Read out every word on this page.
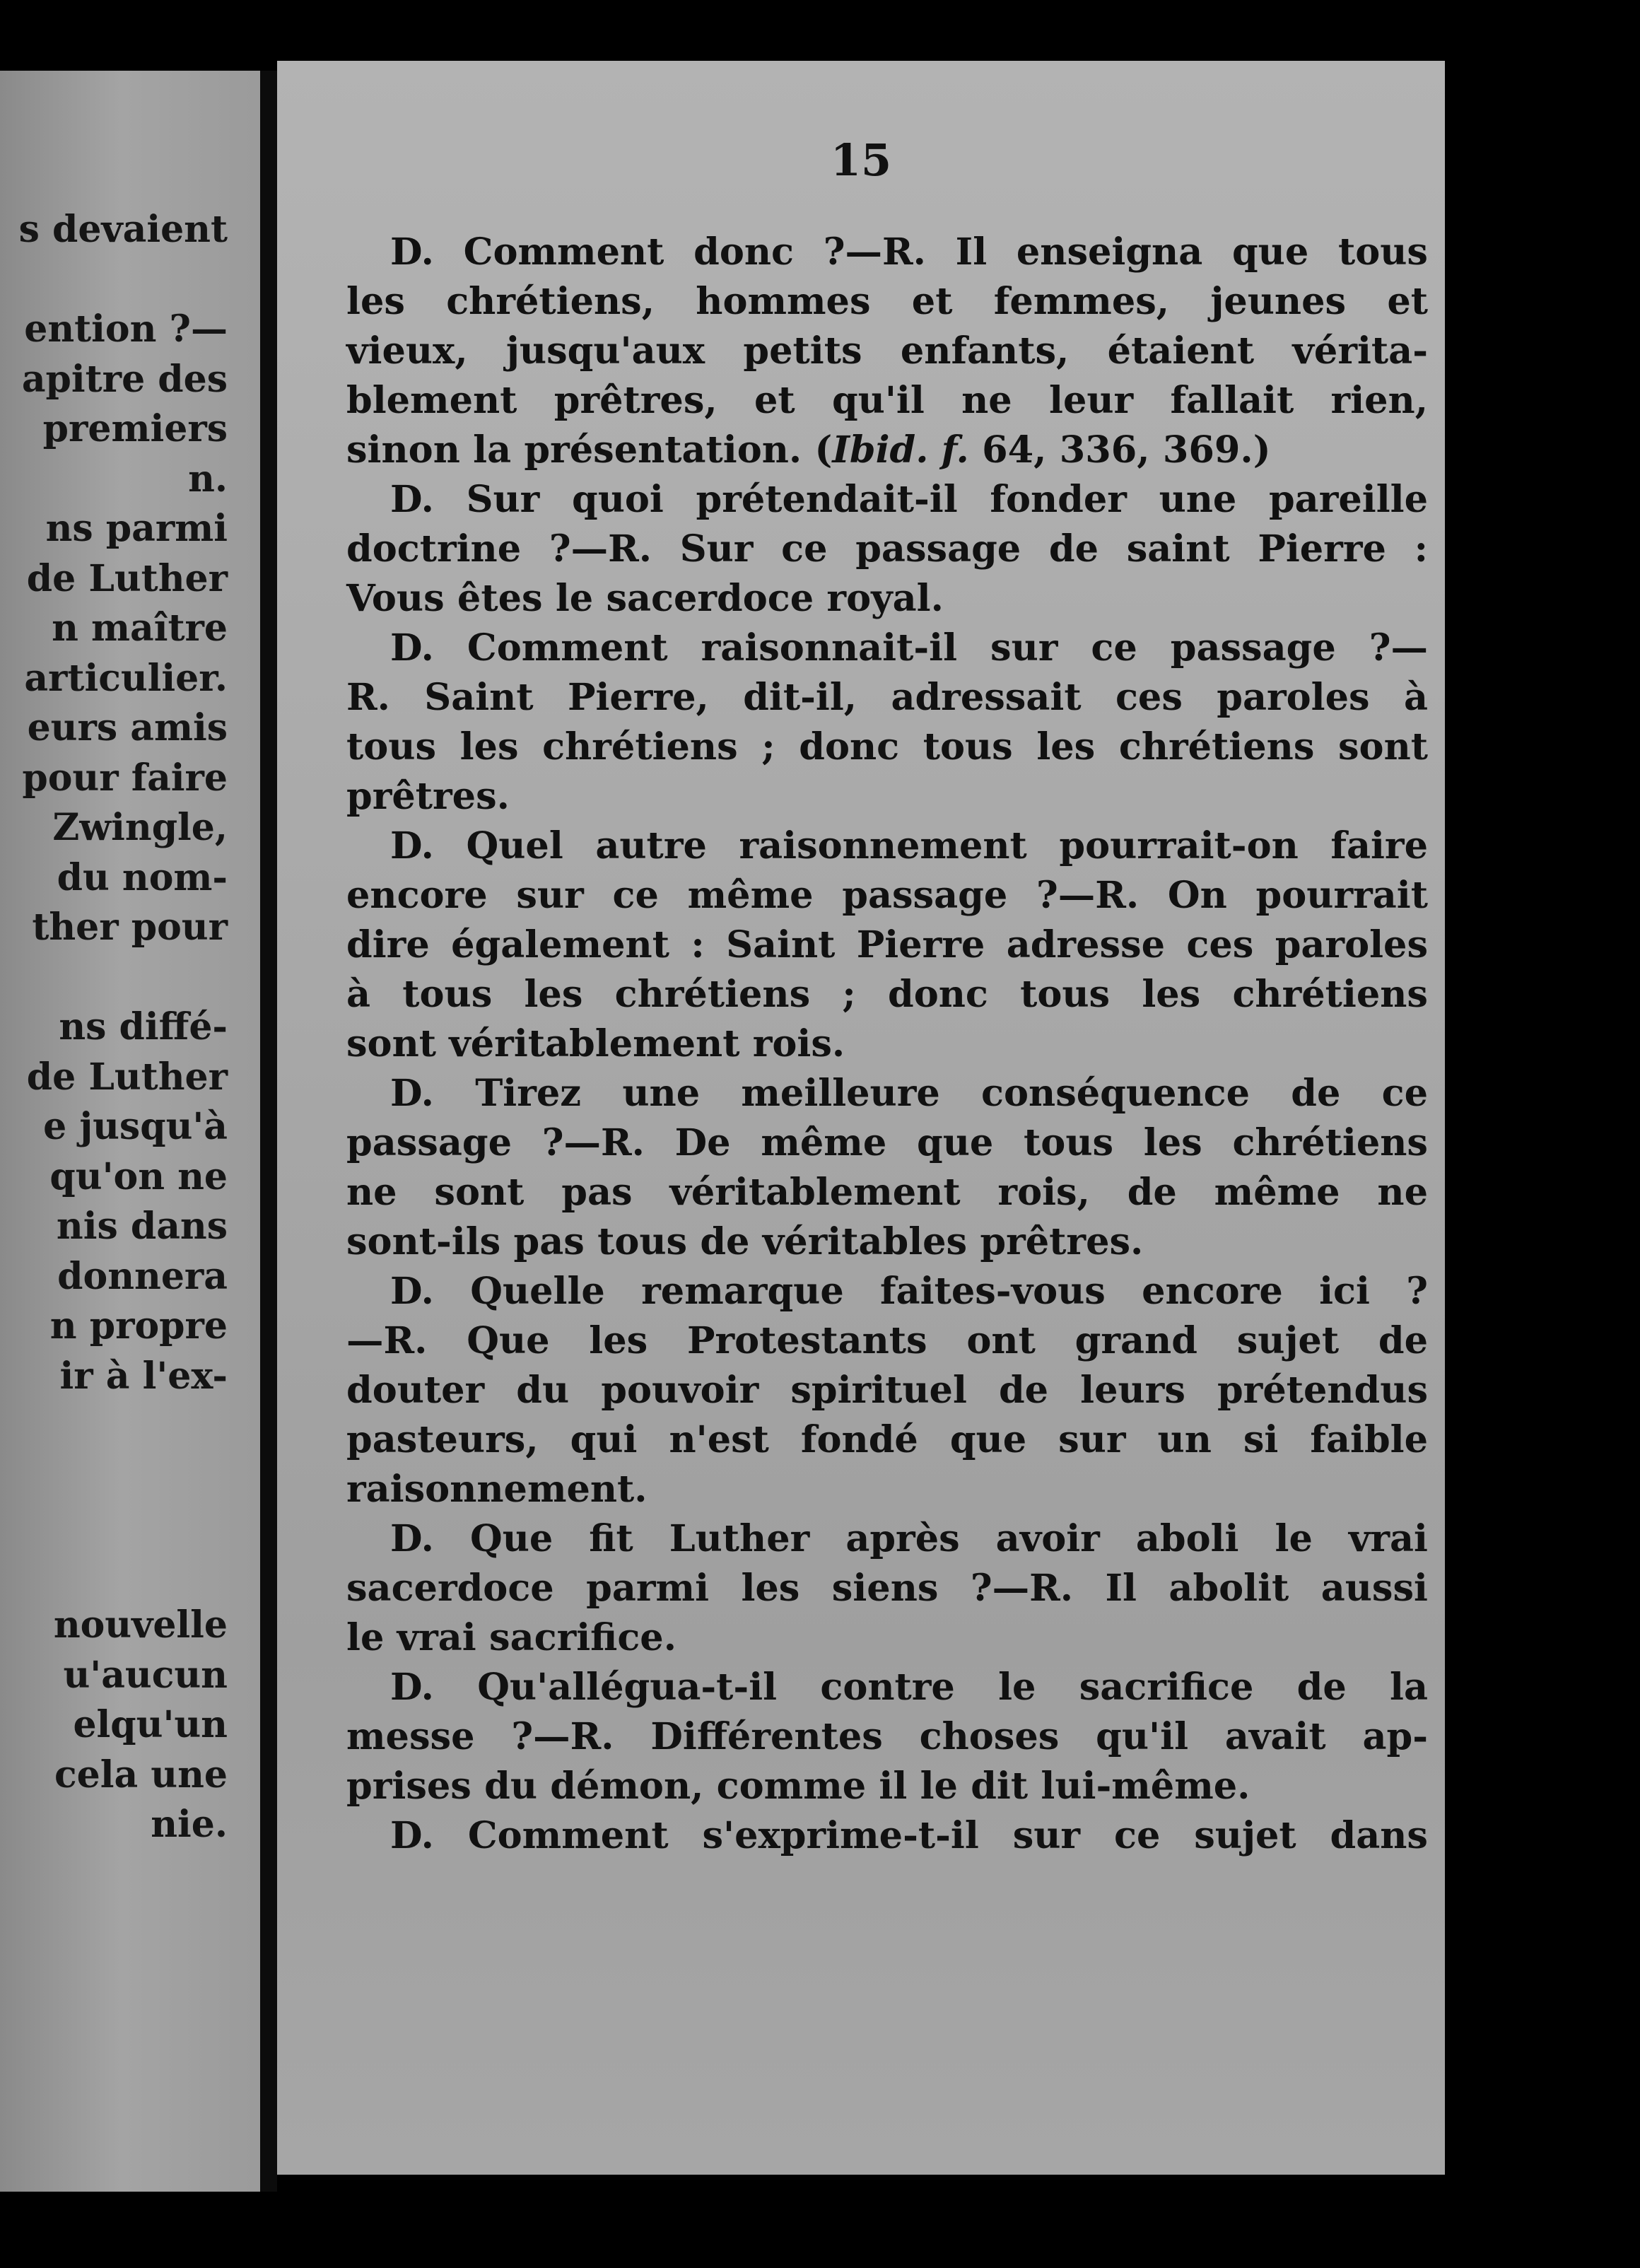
s devaient
ention ?—
apitre des
premiers
n.
ns parmi
de Luther
n maître
articulier.
eurs amis
pour faire
Zwingle,
du nom-
ther pour
ns diffé-
de Luther
e jusqu'à
qu'on ne
nis dans
donnera
n propre
ir à l'ex-
nouvelle
u'aucun
elqu'un
cela une
nie.
15
D. Comment donc ?—R. Il enseigna que tous
les chrétiens, hommes et femmes, jeunes et
vieux, jusqu'aux petits enfants, étaient vérita-
blement prêtres, et qu'il ne leur fallait rien,
sinon la présentation. (Ibid. f. 64, 336, 369.)
D. Sur quoi prétendait-il fonder une pareille
doctrine ?—R. Sur ce passage de saint Pierre :
Vous êtes le sacerdoce royal.
D. Comment raisonnait-il sur ce passage ?—
R. Saint Pierre, dit-il, adressait ces paroles à
tous les chrétiens ; donc tous les chrétiens sont
prêtres.
D. Quel autre raisonnement pourrait-on faire
encore sur ce même passage ?—R. On pourrait
dire également : Saint Pierre adresse ces paroles
à tous les chrétiens ; donc tous les chrétiens
sont véritablement rois.
D. Tirez une meilleure conséquence de ce
passage ?—R. De même que tous les chrétiens
ne sont pas véritablement rois, de même ne
sont-ils pas tous de véritables prêtres.
D. Quelle remarque faites-vous encore ici ?
—R. Que les Protestants ont grand sujet de
douter du pouvoir spirituel de leurs prétendus
pasteurs, qui n'est fondé que sur un si faible
raisonnement.
D. Que fit Luther après avoir aboli le vrai
sacerdoce parmi les siens ?—R. Il abolit aussi
le vrai sacrifice.
D. Qu'allégua-t-il contre le sacrifice de la
messe ?—R. Différentes choses qu'il avait ap-
prises du démon, comme il le dit lui-même.
D. Comment s'exprime-t-il sur ce sujet dans
